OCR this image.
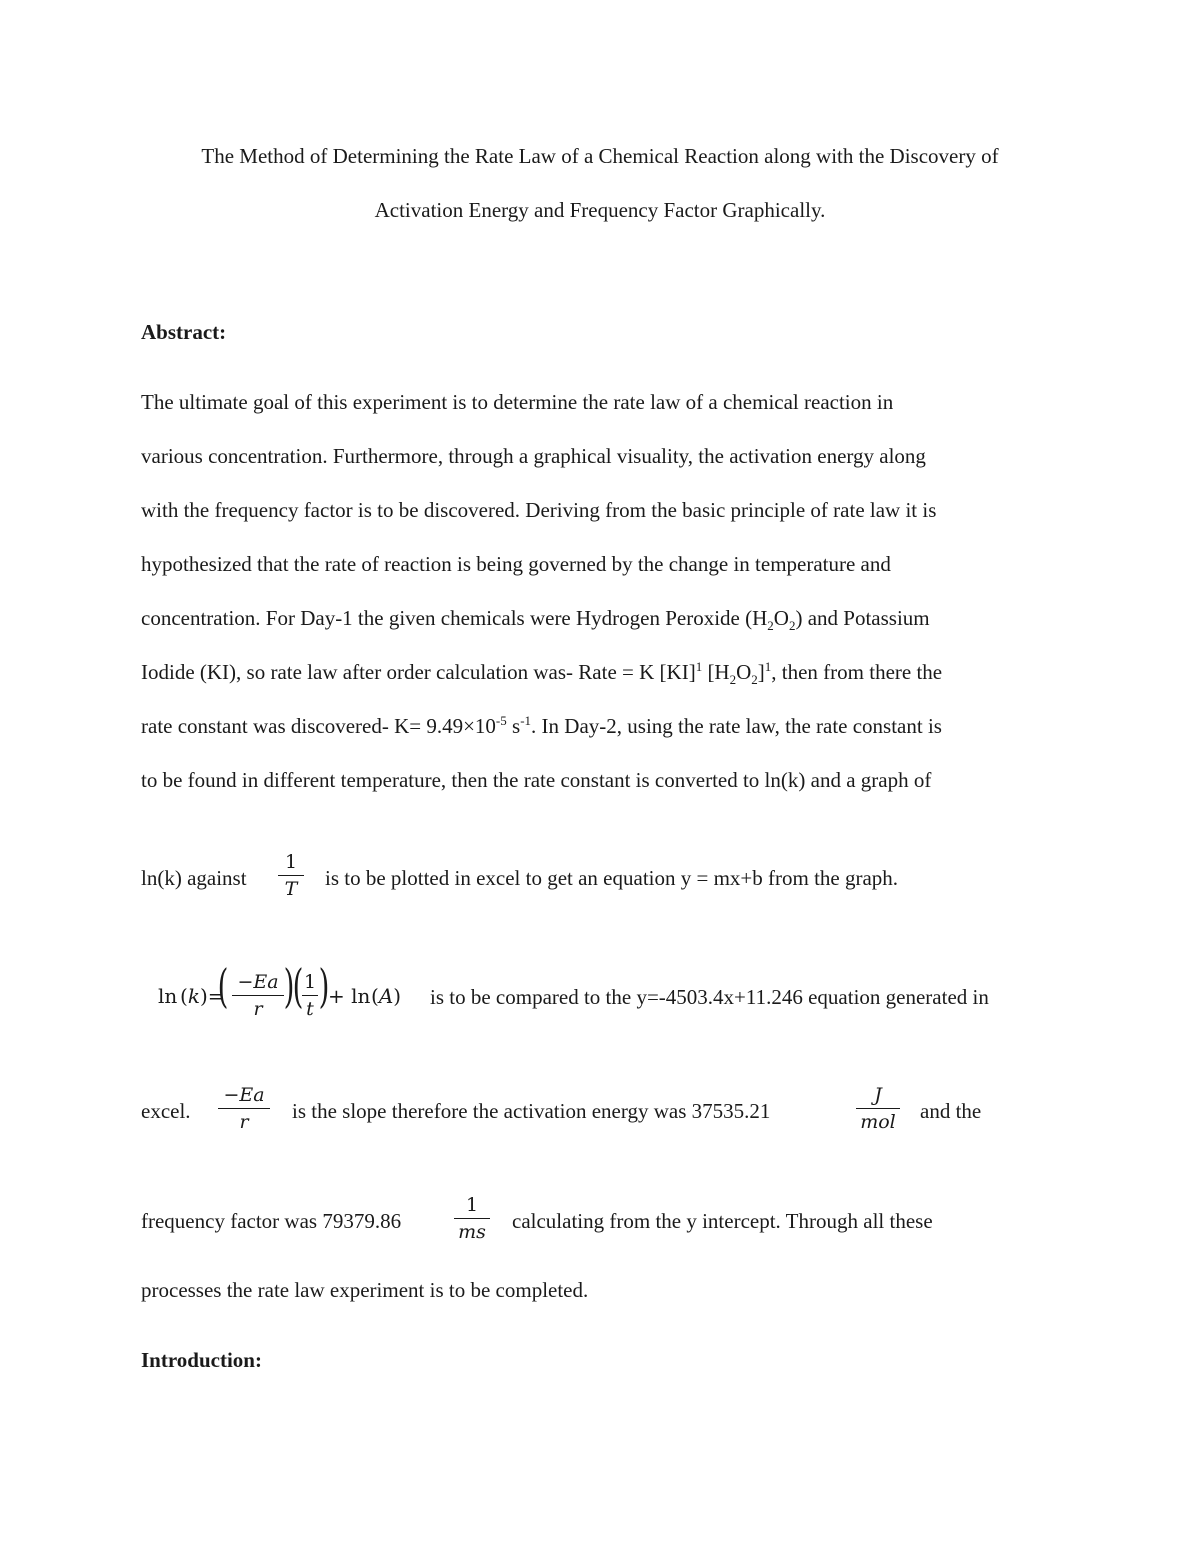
The Method of Determining the Rate Law of a Chemical Reaction along with the Discovery of
Activation Energy and Frequency Factor Graphically.
Abstract:
The ultimate goal of this experiment is to determine the rate law of a chemical reaction in
various concentration. Furthermore, through a graphical visuality, the activation energy along
with the frequency factor is to be discovered. Deriving from the basic principle of rate law it is
hypothesized that the rate of reaction is being governed by the change in temperature and
concentration. For Day-1 the given chemicals were Hydrogen Peroxide $(H_2O_2)$ and Potassium
Iodide (KI), so rate law after order calculation was- Rate = K [KI]$^1$ $[H_2O_2]^1$, then from there the
rate constant was discovered- $K= 9.49\times 10^{-5}$ $s^{-1}$. In Day-2, using the rate law, the rate constant is
to be found in different temperature, then the rate constant is converted to ln(k) and a graph of
ln(k) against
1
T	is to be plotted in excel to get an equation y = mx+b from the graph.
ln (k)=
( −Ea
r )
( 1
t )
+ ln (A) is to be compared to the y=-4503.4x+11.246 equation generated in
excel.
−Ea
r	is the slope therefore the activation energy was 37535.21
J
mol and the
frequency factor was 79379.86
1
ms calculating from the y intercept. Through all these
processes the rate law experiment is to be completed.
Introduction:
